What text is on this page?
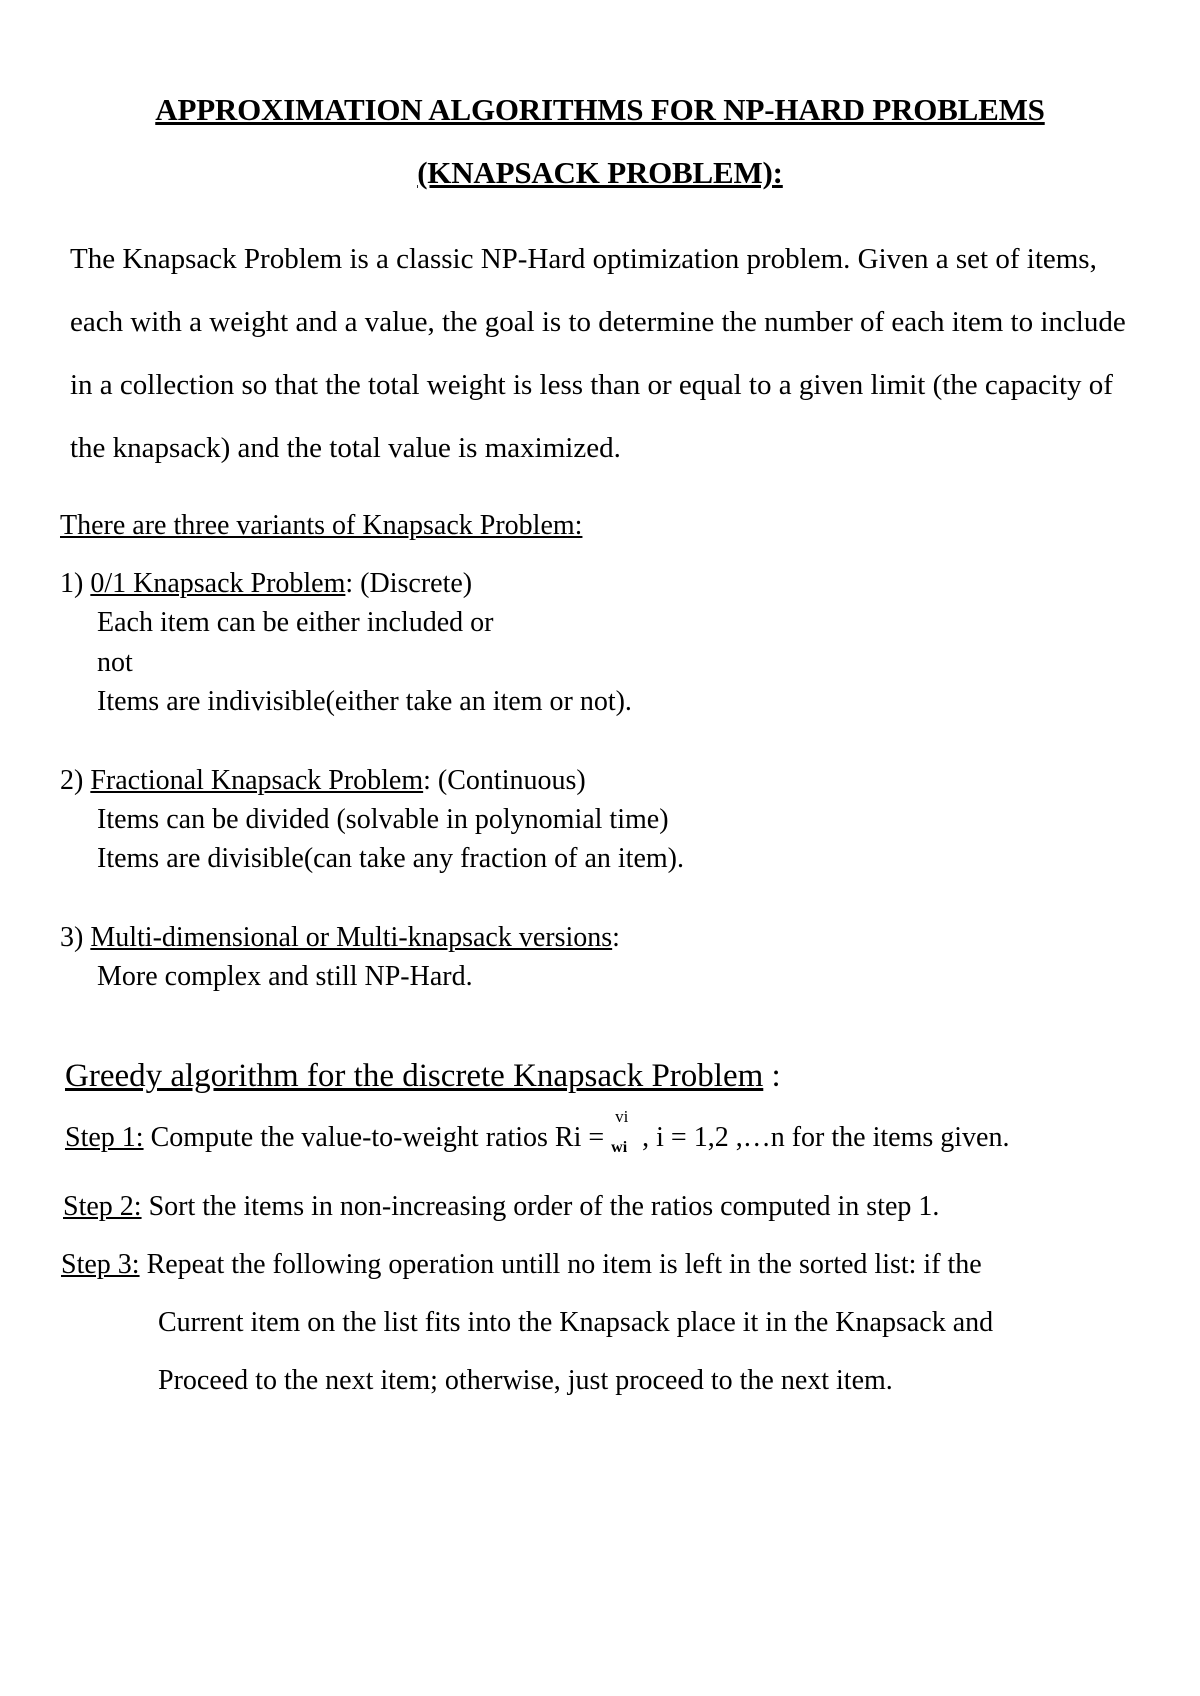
APPROXIMATION ALGORITHMS FOR NP-HARD PROBLEMS
(KNAPSACK PROBLEM):

The Knapsack Problem is a classic NP-Hard optimization problem. Given a set of items, each with a weight and a value, the goal is to determine the number of each item to include in a collection so that the total weight is less than or equal to a given limit (the capacity of the knapsack) and the total value is maximized.

There are three variants of Knapsack Problem:
1) 0/1 Knapsack Problem: (Discrete)
Each item can be either included or
not
Items are indivisible(either take an item or not).
2) Fractional Knapsack Problem: (Continuous)
Items can be divided (solvable in polynomial time)
Items are divisible(can take any fraction of an item).
3) Multi-dimensional or Multi-knapsack versions:
More complex and still NP-Hard.
Greedy algorithm for the discrete Knapsack Problem :
Step 1: Compute the value-to-weight ratios Ri =
vi
wi , i = 1,2 ,…n for the items given.
Step 2: Sort the items in non-increasing order of the ratios computed in step 1.
Step 3: Repeat the following operation untill no item is left in the sorted list: if the
Current item on the list fits into the Knapsack place it in the Knapsack and
Proceed to the next item; otherwise, just proceed to the next item.
